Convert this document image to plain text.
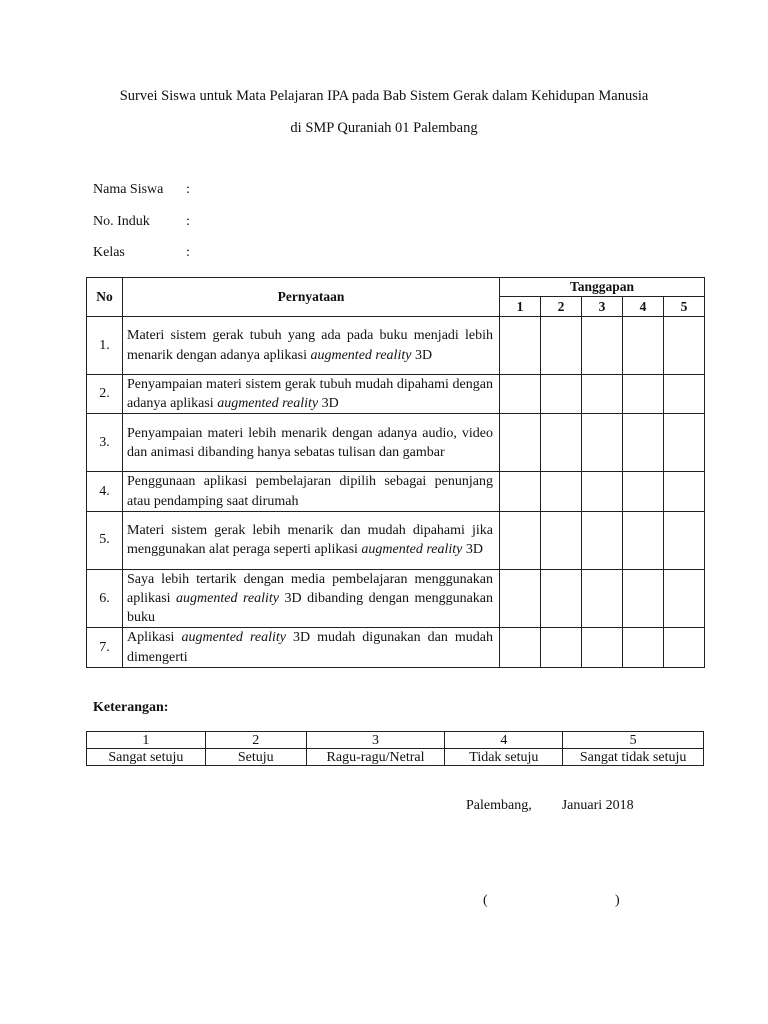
Survei Siswa untuk Mata Pelajaran IPA pada Bab Sistem Gerak dalam Kehidupan Manusia
di SMP Quraniah 01 Palembang
Nama Siswa :
No. Induk	:
Kelas	:
No	Pernyataan	Tanggapan				
		1	2	3	4	5
1.	Materi sistem gerak tubuh yang ada pada buku menjadi lebih menarik dengan adanya aplikasi augmented reality 3D					
2.	Penyampaian materi sistem gerak tubuh mudah dipahami dengan adanya aplikasi augmented reality 3D					
3.	Penyampaian materi lebih menarik dengan adanya audio, video dan animasi dibanding hanya sebatas tulisan dan gambar					
4.	Penggunaan aplikasi pembelajaran dipilih sebagai penunjang atau pendamping saat dirumah					
5.	Materi sistem gerak lebih menarik dan mudah dipahami jika menggunakan alat peraga seperti aplikasi augmented reality 3D					
6.	Saya lebih tertarik dengan media pembelajaran menggunakan aplikasi augmented reality 3D dibanding dengan menggunakan buku					
7.	Aplikasi augmented reality 3D mudah digunakan dan mudah dimengerti					
Keterangan:
1	2	3	4	5
Sangat setuju	Setuju	Ragu-ragu/Netral	Tidak setuju	Sangat tidak setuju
Palembang, Januari 2018
(	)
